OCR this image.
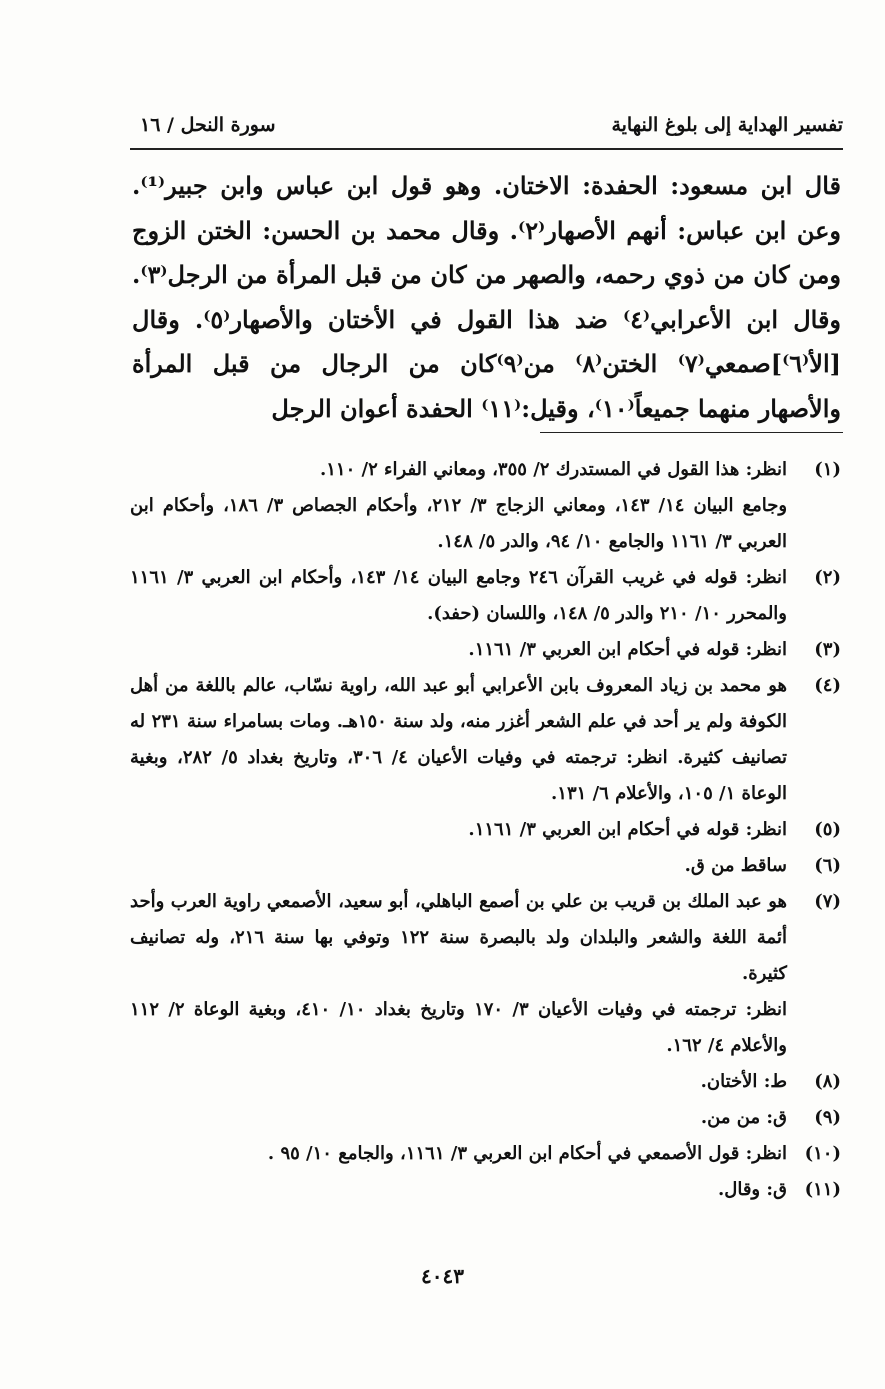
تفسير الهداية إلى بلوغ النهاية
سورة النحل / ١٦

قال ابن مسعود: الحفدة: الاختان. وهو قول ابن عباس وابن جبير⁽¹⁾. وعن ابن عباس: أنهم الأصهار⁽٢⁾. وقال محمد بن الحسن: الختن الزوج ومن كان من ذوي رحمه، والصهر من كان من قبل المرأة من الرجل⁽٣⁾. وقال ابن الأعرابي⁽٤⁾ ضد هذا القول في الأختان والأصهار⁽٥⁾. وقال [الأ⁽٦⁾]صمعي⁽٧⁾ الختن⁽٨⁾ من⁽٩⁾كان من الرجال من قبل المرأة والأصهار منهما جميعاً⁽١٠⁾، وقيل:⁽١١⁾ الحفدة أعوان الرجل

(١)

انظر: هذا القول في المستدرك ٢/ ٣٥٥، ومعاني الفراء ٢/ ١١٠.

وجامع البيان ١٤/ ١٤٣، ومعاني الزجاج ٣/ ٢١٢، وأحكام الجصاص ٣/ ١٨٦، وأحكام ابن العربي ٣/ ١١٦١ والجامع ١٠/ ٩٤، والدر ٥/ ١٤٨.

(٢)

انظر: قوله في غريب القرآن ٢٤٦ وجامع البيان ١٤/ ١٤٣، وأحكام ابن العربي ٣/ ١١٦١ والمحرر ١٠/ ٢١٠ والدر ٥/ ١٤٨، واللسان (حفد).

(٣)

انظر: قوله في أحكام ابن العربي ٣/ ١١٦١.

(٤)

هو محمد بن زياد المعروف بابن الأعرابي أبو عبد الله، راوية نسّاب، عالم باللغة من أهل الكوفة ولم ير أحد في علم الشعر أغزر منه، ولد سنة ١٥٠هـ. ومات بسامراء سنة ٢٣١ له تصانيف كثيرة. انظر: ترجمته في وفيات الأعيان ٤/ ٣٠٦، وتاريخ بغداد ٥/ ٢٨٢، وبغية الوعاة ١/ ١٠٥، والأعلام ٦/ ١٣١.

(٥)

انظر: قوله في أحكام ابن العربي ٣/ ١١٦١.

(٦)

ساقط من ق.

(٧)

هو عبد الملك بن قريب بن علي بن أصمع الباهلي، أبو سعيد، الأصمعي راوية العرب وأحد أئمة اللغة والشعر والبلدان ولد بالبصرة سنة ١٢٢ وتوفي بها سنة ٢١٦، وله تصانيف كثيرة.

انظر: ترجمته في وفيات الأعيان ٣/ ١٧٠ وتاريخ بغداد ١٠/ ٤١٠، وبغية الوعاة ٢/ ١١٢ والأعلام ٤/ ١٦٢.

(٨)

ط: الأختان.

(٩)

ق: من من.

(١٠)

انظر: قول الأصمعي في أحكام ابن العربي ٣/ ١١٦١، والجامع ١٠/ ٩٥ .

(١١)

ق: وقال.

٤٠٤٣
